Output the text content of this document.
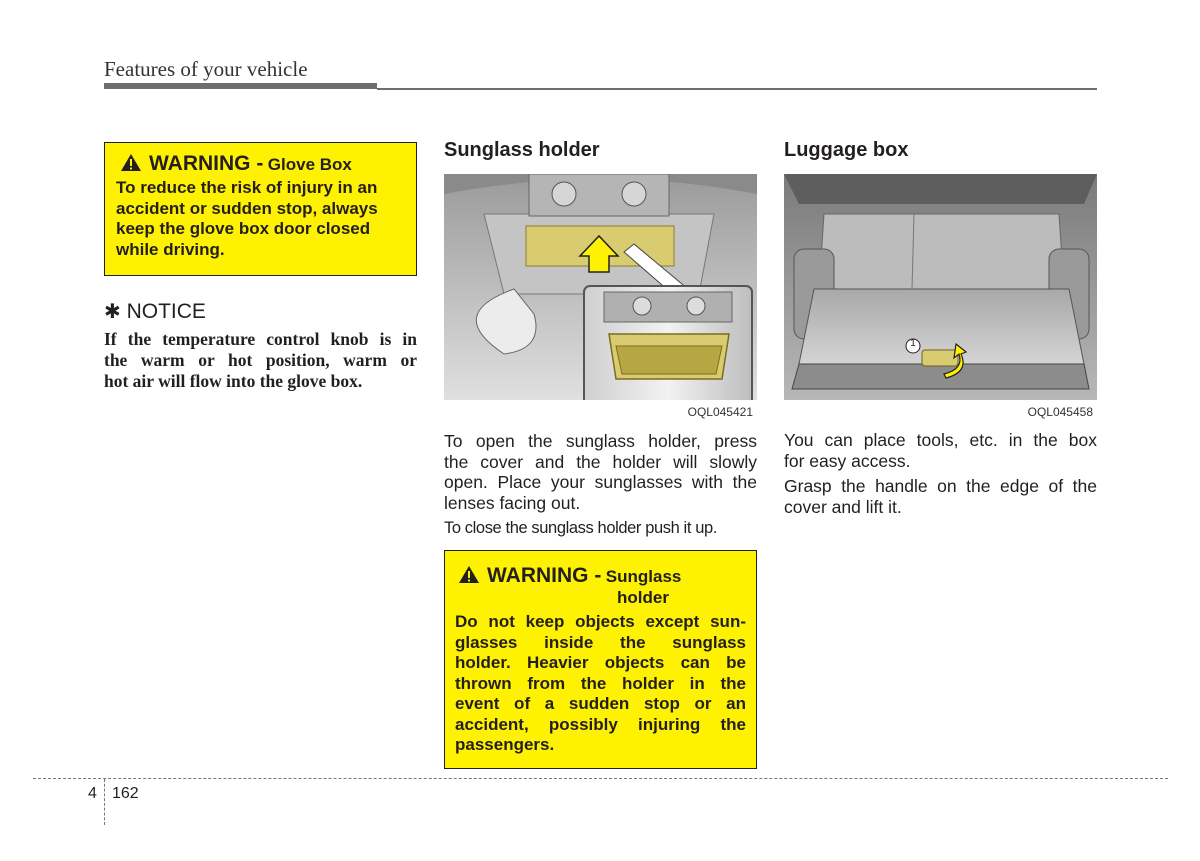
Features of your vehicle
WARNING - Glove Box
To reduce the risk of injury in an
accident or sudden stop, always
keep the glove box door closed
while driving.
✱ NOTICE
If the temperature control knob is in
the warm or hot position, warm or
hot air will flow into the glove box.
Sunglass holder
OQL045421
To open the sunglass holder, press
the cover and the holder will slowly
open. Place your sunglasses with the
lenses facing out.
To close the sunglass holder push it up.
WARNING - Sunglass
holder
Do not keep objects except sun-
glasses inside the sunglass
holder. Heavier objects can be
thrown from the holder in the
event of a sudden stop or an
accident, possibly injuring the
passengers.
Luggage box
1
OQL045458
You can place tools, etc. in the box
for easy access.
Grasp the handle on the edge of the
cover and lift it.
4 162
